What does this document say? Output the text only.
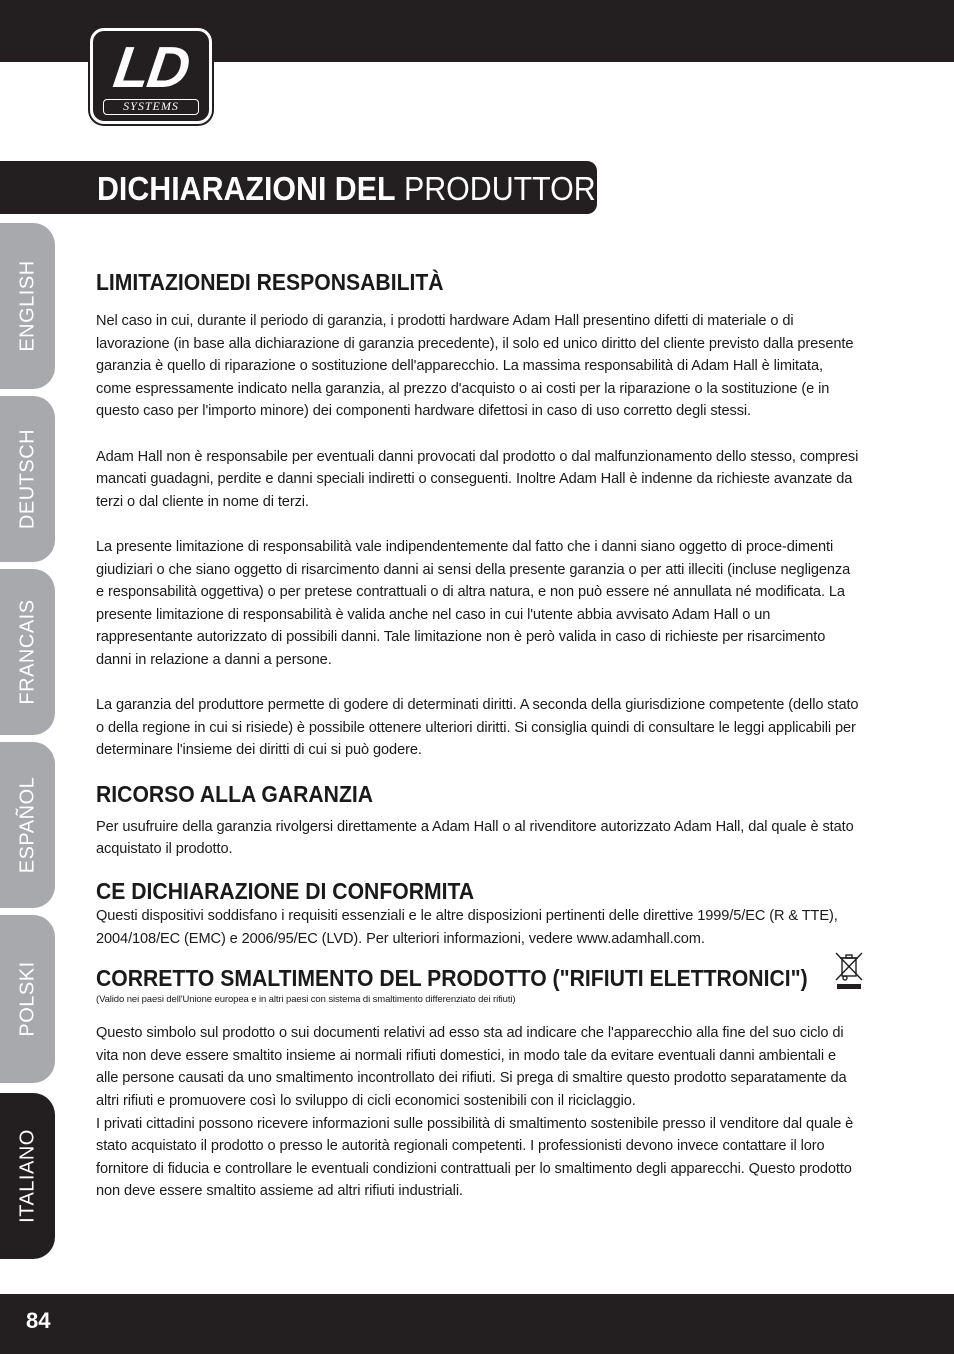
LD
SYSTEMS
DICHIARAZIONI DEL PRODUTTORE:
ENGLISH
DEUTSCH
FRANCAIS
ESPAÑOL
POLSKI
ITALIANO
LIMITAZIONEDI RESPONSABILITÀ

Nel caso in cui, durante il periodo di garanzia, i prodotti hardware Adam Hall presentino difetti di materiale o di lavorazione (in base alla dichiarazione di garanzia precedente), il solo ed unico diritto del cliente previsto dalla presente garanzia è quello di riparazione o sostituzione dell'apparecchio. La massima responsabilità di Adam Hall è limitata, come espressamente indicato nella garanzia, al prezzo d'acquisto o ai costi per la riparazione o la sostituzione (e in questo caso per l'importo minore) dei componenti hardware difettosi in caso di uso corretto degli stessi.

Adam Hall non è responsabile per eventuali danni provocati dal prodotto o dal malfunzionamento dello stesso, compresi mancati guadagni, perdite e danni speciali indiretti o conseguenti. Inoltre Adam Hall è indenne da richieste avanzate da terzi o dal cliente in nome di terzi.

La presente limitazione di responsabilità vale indipendentemente dal fatto che i danni siano oggetto di proce-dimenti giudiziari o che siano oggetto di risarcimento danni ai sensi della presente garanzia o per atti illeciti (incluse negligenza e responsabilità oggettiva) o per pretese contrattuali o di altra natura, e non può essere né annullata né modificata. La presente limitazione di responsabilità è valida anche nel caso in cui l'utente abbia avvisato Adam Hall o un rappresentante autorizzato di possibili danni. Tale limitazione non è però valida in caso di richieste per risarcimento danni in relazione a danni a persone.

La garanzia del produttore permette di godere di determinati diritti. A seconda della giurisdizione competente (dello stato o della regione in cui si risiede) è possibile ottenere ulteriori diritti. Si consiglia quindi di consultare le leggi applicabili per determinare l'insieme dei diritti di cui si può godere.

RICORSO ALLA GARANZIA

Per usufruire della garanzia rivolgersi direttamente a Adam Hall o al rivenditore autorizzato Adam Hall, dal quale è stato acquistato il prodotto.

CE DICHIARAZIONE DI CONFORMITA

Questi dispositivi soddisfano i requisiti essenziali e le altre disposizioni pertinenti delle direttive 1999/5/EC (R & TTE), 2004/108/EC (EMC) e 2006/95/EC (LVD). Per ulteriori informazioni, vedere www.adamhall.com.

CORRETTO SMALTIMENTO DEL PRODOTTO ("RIFIUTI ELETTRONICI")

(Valido nei paesi dell'Unione europea e in altri paesi con sistema di smaltimento differenziato dei rifiuti)

Questo simbolo sul prodotto o sui documenti relativi ad esso sta ad indicare che l'apparecchio alla fine del suo ciclo di vita non deve essere smaltito insieme ai normali rifiuti domestici, in modo tale da evitare eventuali danni ambientali e alle persone causati da uno smaltimento incontrollato dei rifiuti. Si prega di smaltire questo prodotto separatamente da altri rifiuti e promuovere così lo sviluppo di cicli economici sostenibili con il riciclaggio.

I privati cittadini possono ricevere informazioni sulle possibilità di smaltimento sostenibile presso il venditore dal quale è stato acquistato il prodotto o presso le autorità regionali competenti. I professionisti devono invece contattare il loro fornitore di fiducia e controllare le eventuali condizioni contrattuali per lo smaltimento degli apparecchi. Questo prodotto non deve essere smaltito assieme ad altri rifiuti industriali.

84
